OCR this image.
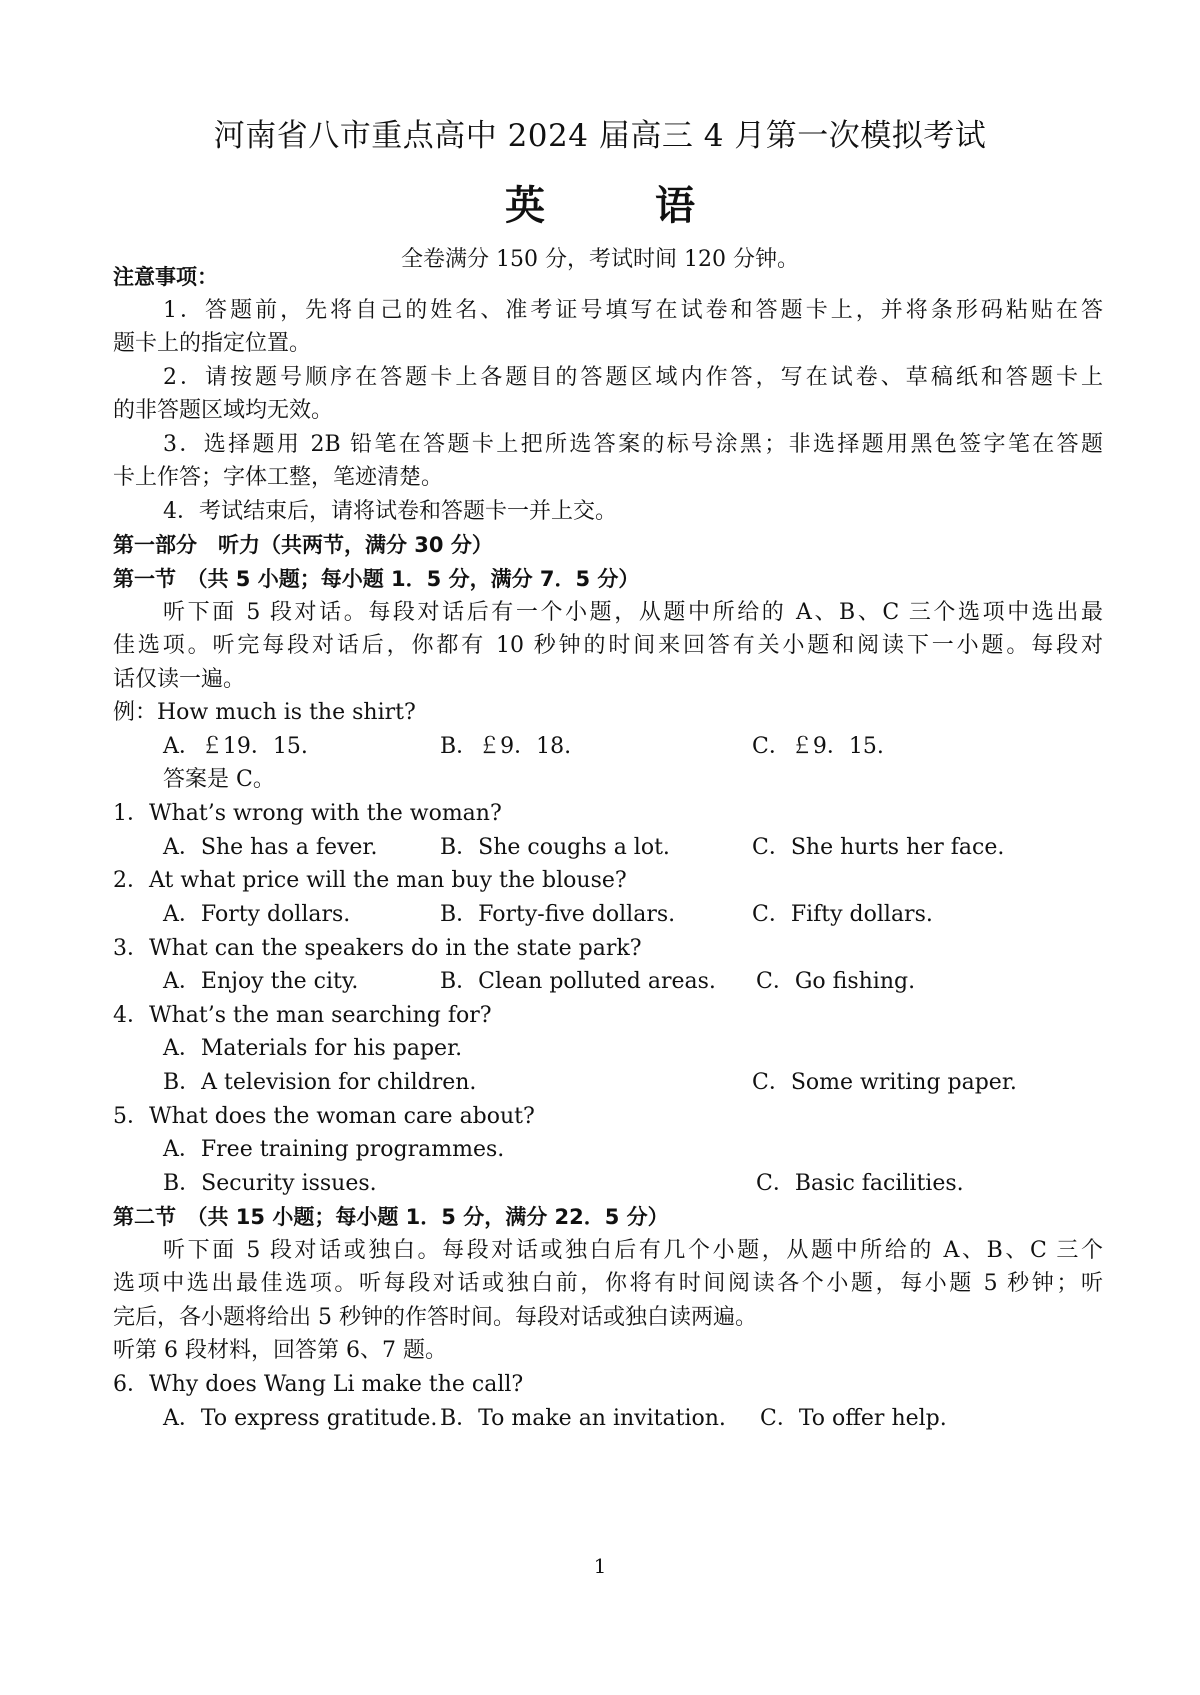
河南省八市重点高中 2024 届高三 4 月第一次模拟考试
英	语
全卷满分 150 分，考试时间 120 分钟。
注意事项：
1．答题前，先将自己的姓名、准考证号填写在试卷和答题卡上，并将条形码粘贴在答
题卡上的指定位置。
2．请按题号顺序在答题卡上各题目的答题区域内作答，写在试卷、草稿纸和答题卡上
的非答题区域均无效。
3．选择题用 2B 铅笔在答题卡上把所选答案的标号涂黑；非选择题用黑色签字笔在答题
卡上作答；字体工整，笔迹清楚。
4．考试结束后，请将试卷和答题卡一并上交。
第一部分　听力（共两节，满分 30 分）
第一节　（共 5 小题；每小题 1．5 分，满分 7．5 分）
听下面 5 段对话。每段对话后有一个小题，从题中所给的 A、B、C 三个选项中选出最
佳选项。听完每段对话后，你都有 10 秒钟的时间来回答有关小题和阅读下一小题。每段对
话仅读一遍。
例：How much is the shirt?
A．￡19．15.	B．￡9．18.	C．￡9．15.
答案是 C。
1．What’s wrong with the woman?
A．She has a fever.	B．She coughs a lot.	C．She hurts her face.
2．At what price will the man buy the blouse?
A．Forty dollars.	B．Forty-five dollars.	C．Fifty dollars.
3．What can the speakers do in the state park?
A．Enjoy the city.	B．Clean polluted areas. C．Go fishing.
4．What’s the man searching for?
A．Materials for his paper.
B．A television for children.	C．Some writing paper.
5．What does the woman care about?
A．Free training programmes.
B．Security issues.	C．Basic facilities.
第二节　（共 15 小题；每小题 1．5 分，满分 22．5 分）
听下面 5 段对话或独白。每段对话或独白后有几个小题，从题中所给的 A、B、C 三个
选项中选出最佳选项。听每段对话或独白前，你将有时间阅读各个小题，每小题 5 秒钟；听
完后，各小题将给出 5 秒钟的作答时间。每段对话或独白读两遍。
听第 6 段材料，回答第 6、7 题。
6．Why does Wang Li make the call?
A．To express gratitude. B．To make an invitation. C．To offer help.
1
